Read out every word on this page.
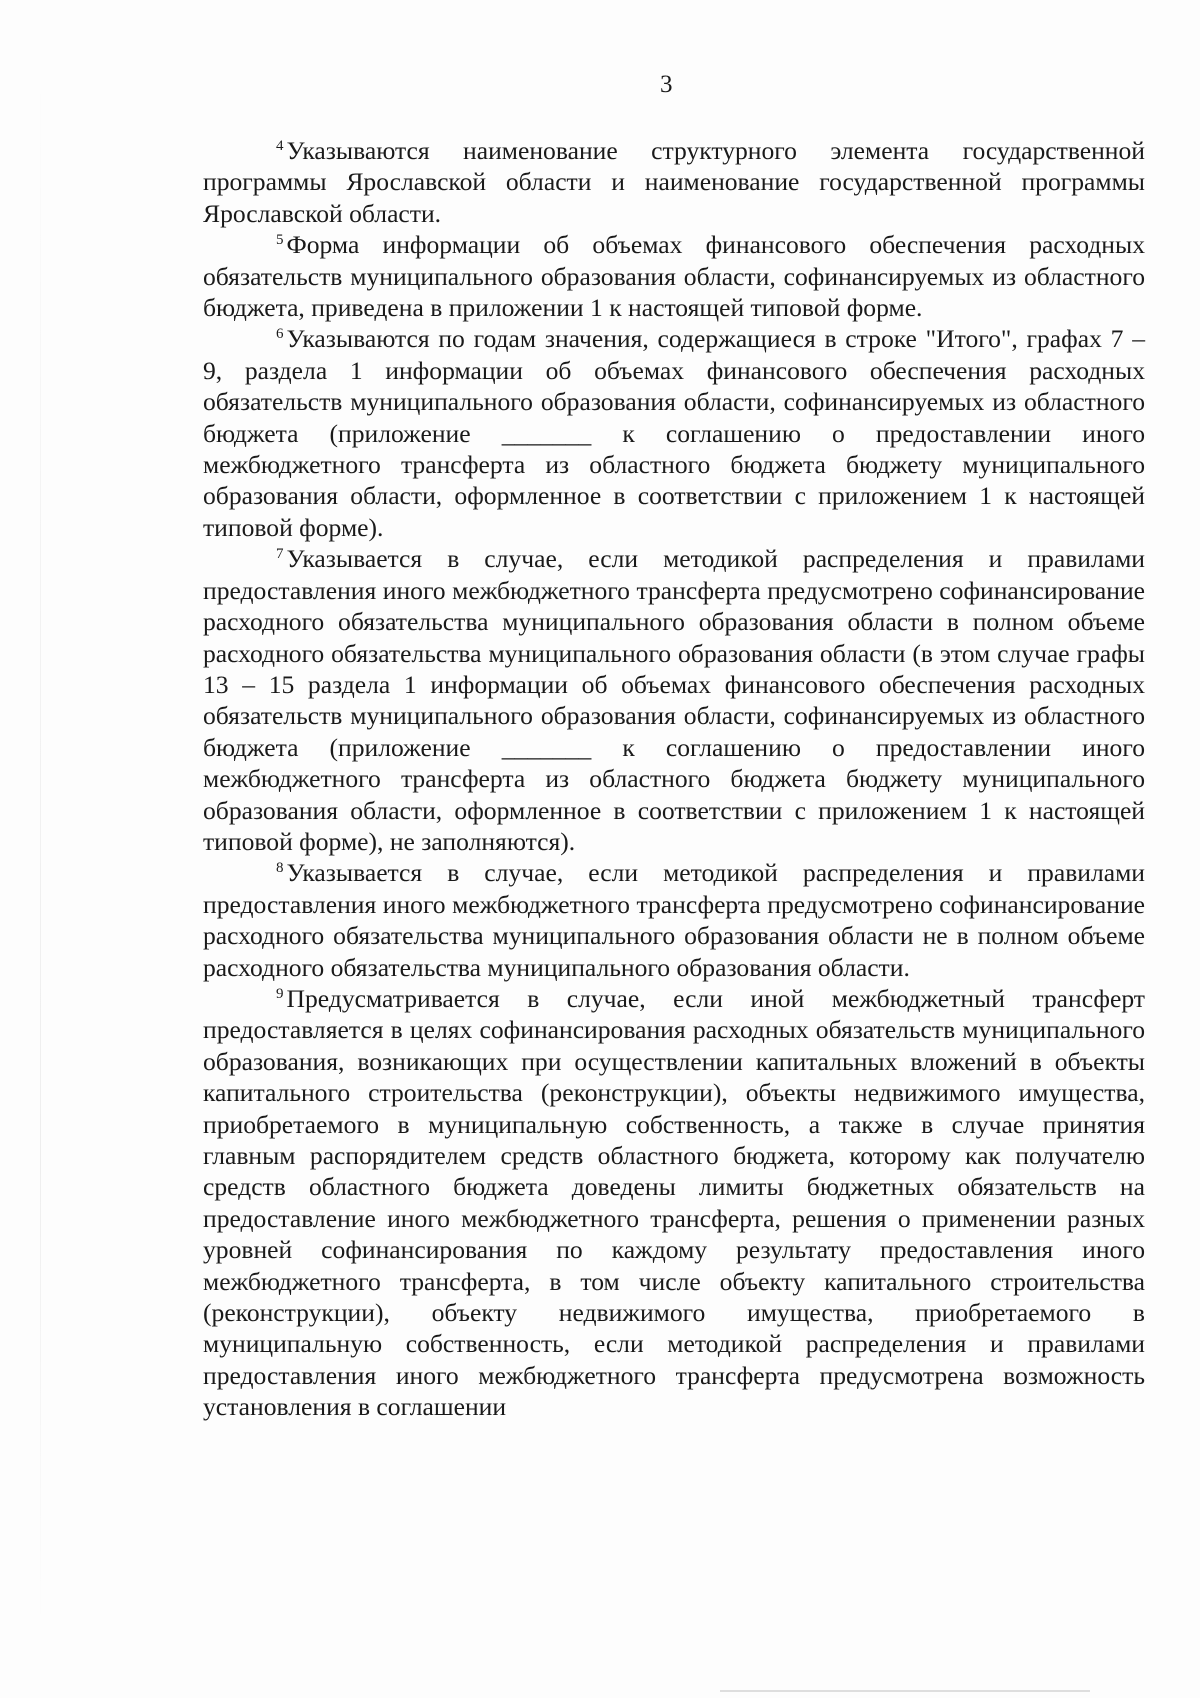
3

$^4$ Указываются наименование структурного элемента государственной программы Ярославской области и наименование государственной программы Ярославской области.

$^5$ Форма информации об объемах финансового обеспечения расходных обязательств муниципального образования области, софинансируемых из областного бюджета, приведена в приложении 1 к настоящей типовой форме.

$^6$ Указываются по годам значения, содержащиеся в строке "Итого", графах 7 – 9, раздела 1 информации об объемах финансового обеспечения расходных обязательств муниципального образования области, софинансируемых из областного бюджета (приложение _______ к соглашению о предоставлении иного межбюджетного трансферта из областного бюджета бюджету муниципального образования области, оформленное в соответствии с приложением 1 к настоящей типовой форме).

$^7$ Указывается в случае, если методикой распределения и правилами предоставления иного межбюджетного трансферта предусмотрено софинансирование расходного обязательства муниципального образования области в полном объеме расходного обязательства муниципального образования области (в этом случае графы 13 – 15 раздела 1 информации об объемах финансового обеспечения расходных обязательств муниципального образования области, софинансируемых из областного бюджета (приложение _______ к соглашению о предоставлении иного межбюджетного трансферта из областного бюджета бюджету муниципального образования области, оформленное в соответствии с приложением 1 к настоящей типовой форме), не заполняются).

$^8$ Указывается в случае, если методикой распределения и правилами предоставления иного межбюджетного трансферта предусмотрено софинансирование расходного обязательства муниципального образования области не в полном объеме расходного обязательства муниципального образования области.

$^9$ Предусматривается в случае, если иной межбюджетный трансферт предоставляется в целях софинансирования расходных обязательств муниципального образования, возникающих при осуществлении капитальных вложений в объекты капитального строительства (реконструкции), объекты недвижимого имущества, приобретаемого в муниципальную собственность, а также в случае принятия главным распорядителем средств областного бюджета, которому как получателю средств областного бюджета доведены лимиты бюджетных обязательств на предоставление иного межбюджетного трансферта, решения о применении разных уровней софинансирования по каждому результату предоставления иного межбюджетного трансферта, в том числе объекту капитального строительства (реконструкции), объекту недвижимого имущества, приобретаемого в муниципальную собственность, если методикой распределения и правилами предоставления иного межбюджетного трансферта предусмотрена возможность установления в соглашении
